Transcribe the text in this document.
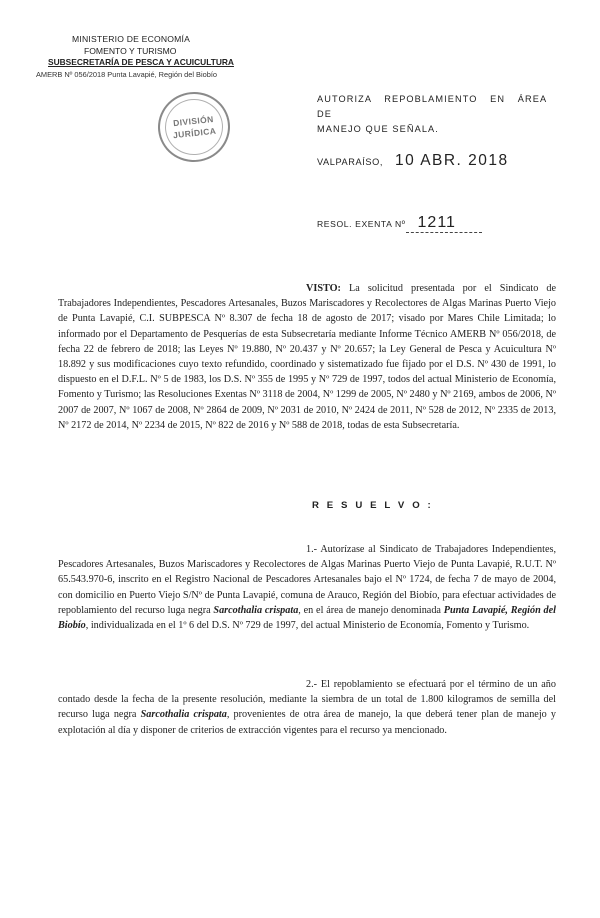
MINISTERIO DE ECONOMÍA
FOMENTO Y TURISMO
SUBSECRETARÍA DE PESCA Y ACUICULTURA
AMERB Nº 056/2018 Punta Lavapié, Región del Biobío
DIVISIÓN
JURÍDICA
AUTORIZA REPOBLAMIENTO EN ÁREA DE
MANEJO QUE SEÑALA.
VALPARAÍSO, 10 ABR. 2018
RESOL. EXENTA Nº 1211
VISTO: La solicitud presentada por el Sindicato de Trabajadores Independientes, Pescadores Artesanales, Buzos Mariscadores y Recolectores de Algas Marinas Puerto Viejo de Punta Lavapié, C.I. SUBPESCA Nº 8.307 de fecha 18 de agosto de 2017; visado por Mares Chile Limitada; lo informado por el Departamento de Pesquerías de esta Subsecretaría mediante Informe Técnico AMERB Nº 056/2018, de fecha 22 de febrero de 2018; las Leyes Nº 19.880, Nº 20.437 y Nº 20.657; la Ley General de Pesca y Acuicultura Nº 18.892 y sus modificaciones cuyo texto refundido, coordinado y sistematizado fue fijado por el D.S. Nº 430 de 1991, lo dispuesto en el D.F.L. Nº 5 de 1983, los D.S. Nº 355 de 1995 y Nº 729 de 1997, todos del actual Ministerio de Economía, Fomento y Turismo; las Resoluciones Exentas Nº 3118 de 2004, Nº 1299 de 2005, Nº 2480 y Nº 2169, ambos de 2006, Nº 2007 de 2007, Nº 1067 de 2008, Nº 2864 de 2009, Nº 2031 de 2010, Nº 2424 de 2011, Nº 528 de 2012, Nº 2335 de 2013, Nº 2172 de 2014, Nº 2234 de 2015, Nº 822 de 2016 y Nº 588 de 2018, todas de esta Subsecretaría.
R E S U E L V O :
1.- Autorízase al Sindicato de Trabajadores Independientes, Pescadores Artesanales, Buzos Mariscadores y Recolectores de Algas Marinas Puerto Viejo de Punta Lavapié, R.U.T. Nº 65.543.970-6, inscrito en el Registro Nacional de Pescadores Artesanales bajo el Nº 1724, de fecha 7 de mayo de 2004, con domicilio en Puerto Viejo S/Nº de Punta Lavapié, comuna de Arauco, Región del Biobío, para efectuar actividades de repoblamiento del recurso luga negra Sarcothalia crispata, en el área de manejo denominada Punta Lavapié, Región del Biobío, individualizada en el 1º 6 del D.S. Nº 729 de 1997, del actual Ministerio de Economía, Fomento y Turismo.
2.- El repoblamiento se efectuará por el término de un año contado desde la fecha de la presente resolución, mediante la siembra de un total de 1.800 kilogramos de semilla del recurso luga negra Sarcothalia crispata, provenientes de otra área de manejo, la que deberá tener plan de manejo y explotación al día y disponer de criterios de extracción vigentes para el recurso ya mencionado.
